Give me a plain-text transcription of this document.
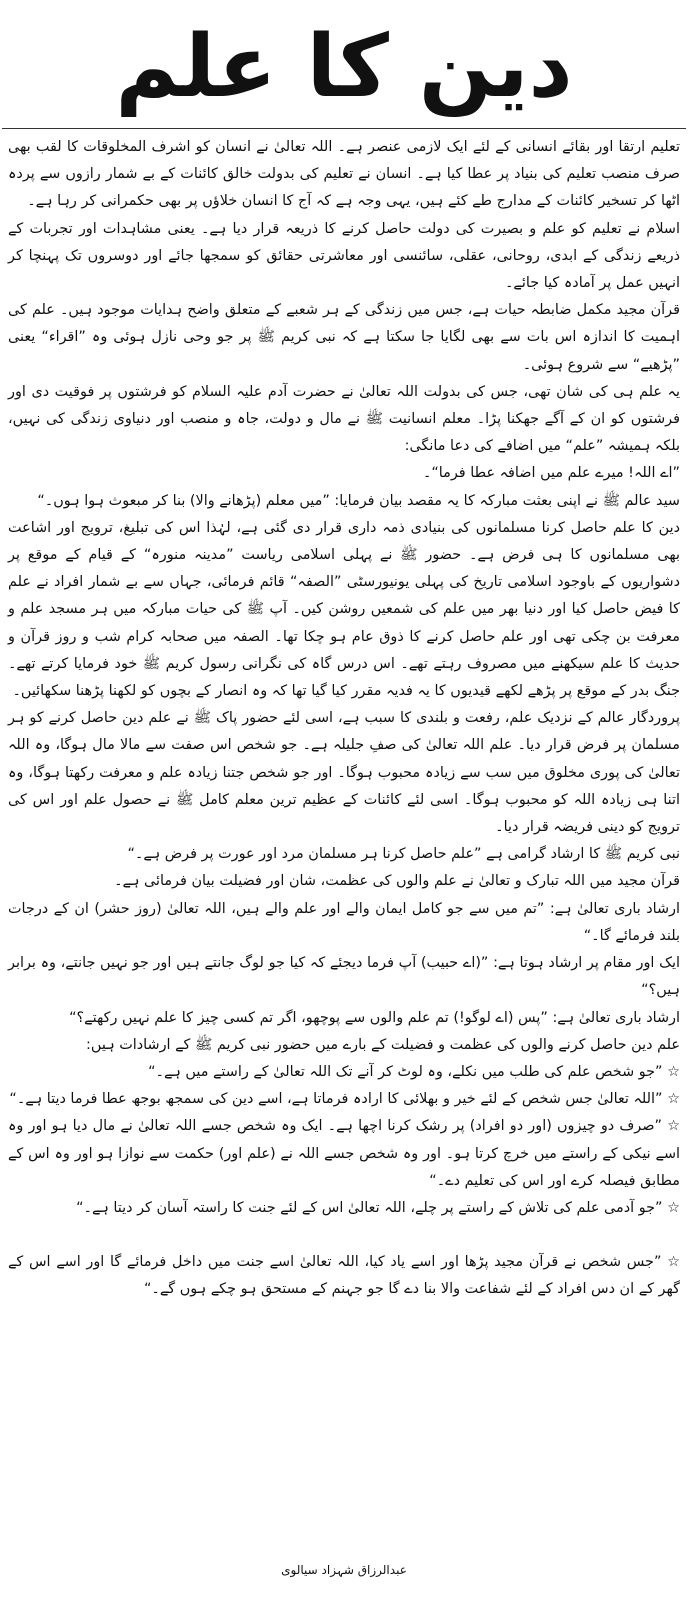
دین کا علم

تعلیم ارتقا اور بقائے انسانی کے لئے ایک لازمی عنصر ہے۔ اللہ تعالیٰ نے انسان کو اشرف المخلوقات کا لقب بھی صرف منصب تعلیم کی بنیاد پر عطا کیا ہے۔ انسان نے تعلیم کی بدولت خالق کائنات کے بے شمار رازوں سے پردہ اٹھا کر تسخیر کائنات کے مدارج طے کئے ہیں، یہی وجہ ہے کہ آج کا انسان خلاؤں پر بھی حکمرانی کر رہا ہے۔

اسلام نے تعلیم کو علم و بصیرت کی دولت حاصل کرنے کا ذریعہ قرار دیا ہے۔ یعنی مشاہدات اور تجربات کے ذریعے زندگی کے ابدی، روحانی، عقلی، سائنسی اور معاشرتی حقائق کو سمجھا جائے اور دوسروں تک پہنچا کر انہیں عمل پر آمادہ کیا جائے۔

قرآن مجید مکمل ضابطہ حیات ہے، جس میں زندگی کے ہر شعبے کے متعلق واضح ہدایات موجود ہیں۔ علم کی اہمیت کا اندازہ اس بات سے بھی لگایا جا سکتا ہے کہ نبی کریم ﷺ پر جو وحی نازل ہوئی وہ ”اقراء“ یعنی ”پڑھیے“ سے شروع ہوئی۔

یہ علم ہی کی شان تھی، جس کی بدولت اللہ تعالیٰ نے حضرت آدم علیہ السلام کو فرشتوں پر فوقیت دی اور فرشتوں کو ان کے آگے جھکنا پڑا۔ معلم انسانیت ﷺ نے مال و دولت، جاہ و منصب اور دنیاوی زندگی کی نہیں، بلکہ ہمیشہ ”علم“ میں اضافے کی دعا مانگی:

”اے اللہ! میرے علم میں اضافہ عطا فرما“۔

سید عالم ﷺ نے اپنی بعثت مبارکہ کا یہ مقصد بیان فرمایا: ”میں معلم (پڑھانے والا) بنا کر مبعوث ہوا ہوں۔“

دین کا علم حاصل کرنا مسلمانوں کی بنیادی ذمہ داری قرار دی گئی ہے، لہٰذا اس کی تبلیغ، ترویج اور اشاعت بھی مسلمانوں کا ہی فرض ہے۔ حضور ﷺ نے پہلی اسلامی ریاست ”مدینہ منورہ“ کے قیام کے موقع پر دشواریوں کے باوجود اسلامی تاریخ کی پہلی یونیورسٹی ”الصفہ“ قائم فرمائی، جہاں سے بے شمار افراد نے علم کا فیض حاصل کیا اور دنیا بھر میں علم کی شمعیں روشن کیں۔ آپ ﷺ کی حیات مبارکہ میں ہر مسجد علم و معرفت بن چکی تھی اور علم حاصل کرنے کا ذوق عام ہو چکا تھا۔ الصفہ میں صحابہ کرام شب و روز قرآن و حدیث کا علم سیکھنے میں مصروف رہتے تھے۔ اس درس گاہ کی نگرانی رسول کریم ﷺ خود فرمایا کرتے تھے۔ جنگ بدر کے موقع پر پڑھے لکھے قیدیوں کا یہ فدیہ مقرر کیا گیا تھا کہ وہ انصار کے بچوں کو لکھنا پڑھنا سکھائیں۔

پروردگار عالم کے نزدیک علم، رفعت و بلندی کا سبب ہے، اسی لئے حضور پاک ﷺ نے علم دین حاصل کرنے کو ہر مسلمان پر فرض قرار دیا۔ علم اللہ تعالیٰ کی صفِ جلیلہ ہے۔ جو شخص اس صفت سے مالا مال ہوگا، وہ اللہ تعالیٰ کی پوری مخلوق میں سب سے زیادہ محبوب ہوگا۔ اور جو شخص جتنا زیادہ علم و معرفت رکھتا ہوگا، وہ اتنا ہی زیادہ اللہ کو محبوب ہوگا۔ اسی لئے کائنات کے عظیم ترین معلم کامل ﷺ نے حصول علم اور اس کی ترویج کو دینی فریضہ قرار دیا۔

نبی کریم ﷺ کا ارشاد گرامی ہے ”علم حاصل کرنا ہر مسلمان مرد اور عورت پر فرض ہے۔“

قرآن مجید میں اللہ تبارک و تعالیٰ نے علم والوں کی عظمت، شان اور فضیلت بیان فرمائی ہے۔

ارشاد باری تعالیٰ ہے: ”تم میں سے جو کامل ایمان والے اور علم والے ہیں، اللہ تعالیٰ (روز حشر) ان کے درجات بلند فرمائے گا۔“

ایک اور مقام پر ارشاد ہوتا ہے: ”(اے حبیب) آپ فرما دیجئے کہ کیا جو لوگ جانتے ہیں اور جو نہیں جانتے، وہ برابر ہیں؟“

ارشاد باری تعالیٰ ہے: ”پس (اے لوگو!) تم علم والوں سے پوچھو، اگر تم کسی چیز کا علم نہیں رکھتے؟“

علم دین حاصل کرنے والوں کی عظمت و فضیلت کے بارے میں حضور نبی کریم ﷺ کے ارشادات ہیں:

☆ ”جو شخص علم کی طلب میں نکلے، وہ لوٹ کر آنے تک اللہ تعالیٰ کے راستے میں ہے۔“

☆ ”اللہ تعالیٰ جس شخص کے لئے خیر و بھلائی کا ارادہ فرماتا ہے، اسے دین کی سمجھ بوجھ عطا فرما دیتا ہے۔“

☆ ”صرف دو چیزوں (اور دو افراد) پر رشک کرنا اچھا ہے۔ ایک وہ شخص جسے اللہ تعالیٰ نے مال دیا ہو اور وہ اسے نیکی کے راستے میں خرچ کرتا ہو۔ اور وہ شخص جسے اللہ نے (علم اور) حکمت سے نوازا ہو اور وہ اس کے مطابق فیصلہ کرے اور اس کی تعلیم دے۔“

☆ ”جو آدمی علم کی تلاش کے راستے پر چلے، اللہ تعالیٰ اس کے لئے جنت کا راستہ آسان کر دیتا ہے۔“

☆ ”جس شخص نے قرآن مجید پڑھا اور اسے یاد کیا، اللہ تعالیٰ اسے جنت میں داخل فرمائے گا اور اسے اس کے گھر کے ان دس افراد کے لئے شفاعت والا بنا دے گا جو جہنم کے مستحق ہو چکے ہوں گے۔“

عبدالرزاق شہزاد سیالوی
